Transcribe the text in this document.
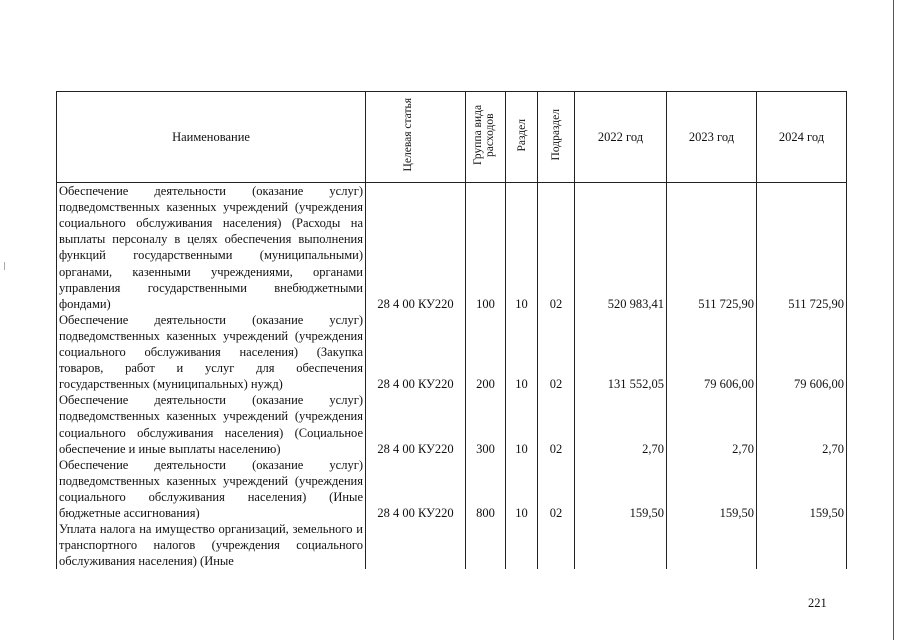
Наименование	Целевая статья	Группа вида расходов	Раздел	Подраздел	2022 год	2023 год	2024 год
Обеспечение деятельности (оказание услуг) подведомственных казенных учреждений (учреждения социального обслуживания населения) (Расходы на выплаты персоналу в целях обеспечения выполнения функций государственными (муниципальными) органами, казенными учреждениями, органами управления государственными внебюджетными фондами)	28 4 00 КУ220	100	10	02	520 983,41	511 725,90	511 725,90
Обеспечение деятельности (оказание услуг) подведомственных казенных учреждений (учреждения социального обслуживания населения) (Закупка товаров, работ и услуг для обеспечения государственных (муниципальных) нужд)	28 4 00 КУ220	200	10	02	131 552,05	79 606,00	79 606,00
Обеспечение деятельности (оказание услуг) подведомственных казенных учреждений (учреждения социального обслуживания населения) (Социальное обеспечение и иные выплаты населению)	28 4 00 КУ220	300	10	02	2,70	2,70	2,70
Обеспечение деятельности (оказание услуг) подведомственных казенных учреждений (учреждения социального обслуживания населения) (Иные бюджетные ассигнования)	28 4 00 КУ220	800	10	02	159,50	159,50	159,50
Уплата налога на имущество организаций, земельного и транспортного налогов (учреждения социального обслуживания населения) (Иные							
221
